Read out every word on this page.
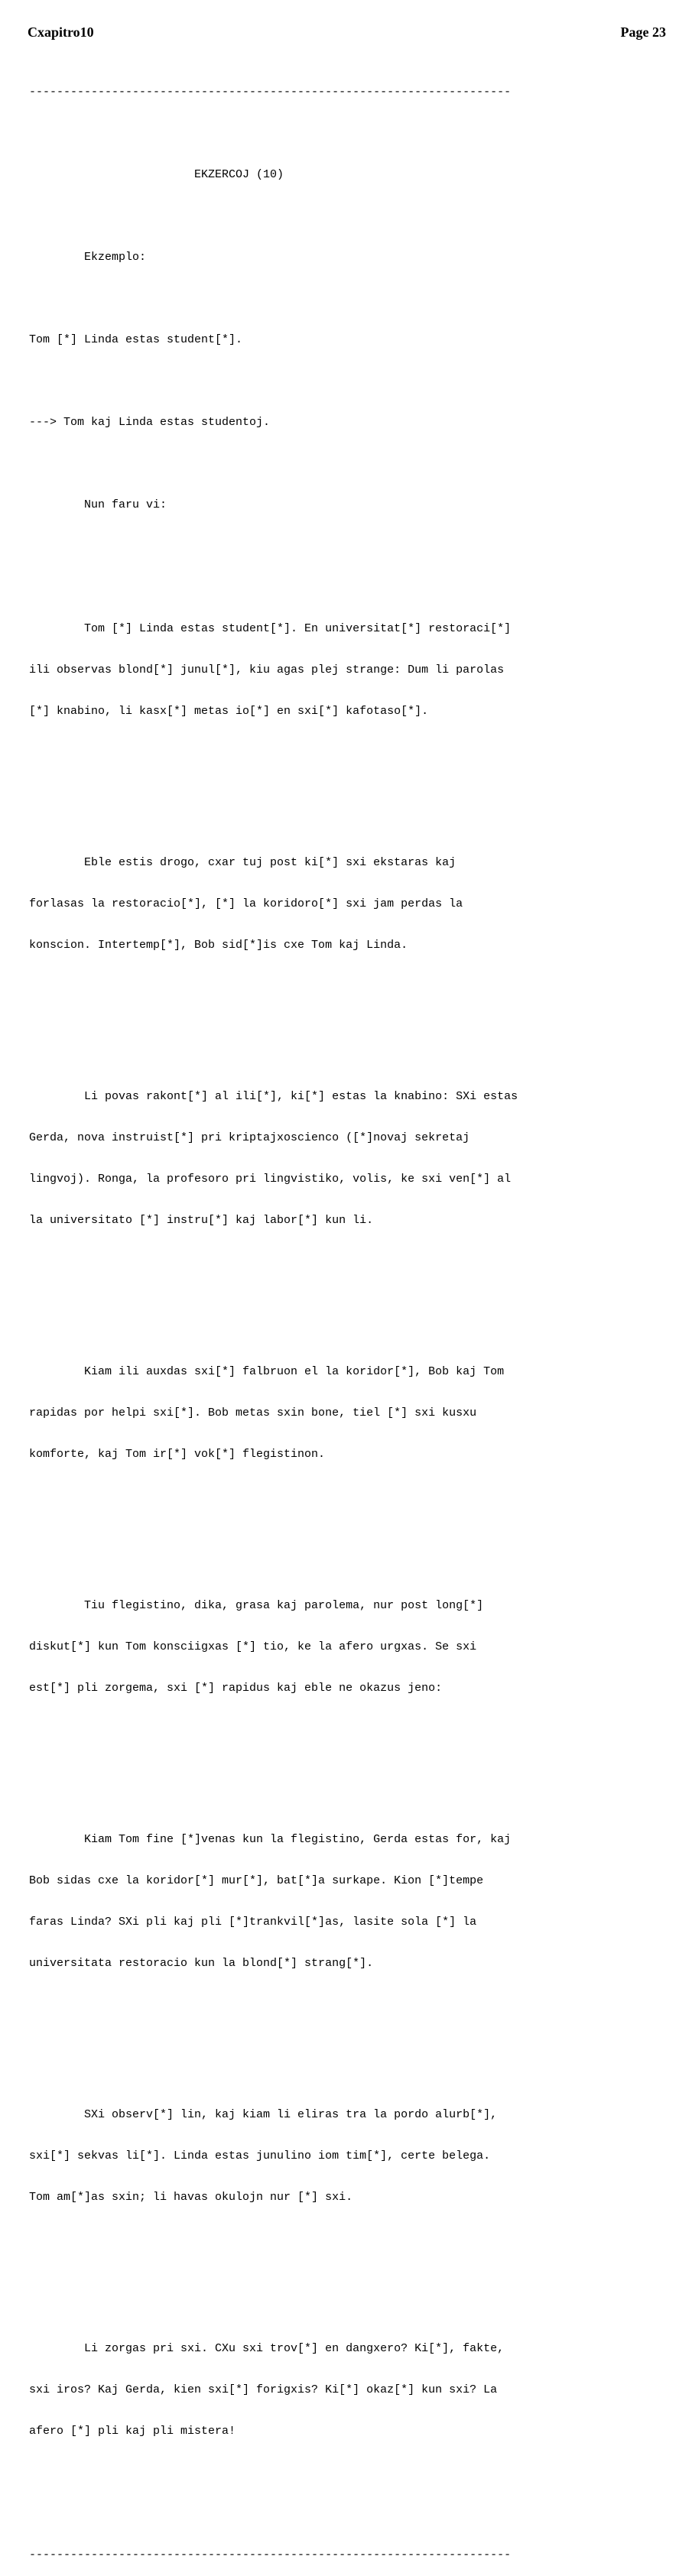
Cxapitro10	Page 23

----------------------------------------------------------------------

EKZERCOJ (10)

Ekzemplo:

Tom [*] Linda estas student[*].

---> Tom kaj Linda estas studentoj.

Nun faru vi:

Tom [*] Linda estas student[*]. En universitat[*] restoraci[*]

ili observas blond[*] junul[*], kiu agas plej strange: Dum li parolas

[*] knabino, li kasx[*] metas io[*] en sxi[*] kafotaso[*].

Eble estis drogo, cxar tuj post ki[*] sxi ekstaras kaj

forlasas la restoracio[*], [*] la koridoro[*] sxi jam perdas la

konscion. Intertemp[*], Bob sid[*]is cxe Tom kaj Linda.

Li povas rakont[*] al ili[*], ki[*] estas la knabino: SXi estas

Gerda, nova instruist[*] pri kriptajxoscienco ([*]novaj sekretaj

lingvoj). Ronga, la profesoro pri lingvistiko, volis, ke sxi ven[*] al

la universitato [*] instru[*] kaj labor[*] kun li.

Kiam ili auxdas sxi[*] falbruon el la koridor[*], Bob kaj Tom

rapidas por helpi sxi[*]. Bob metas sxin bone, tiel [*] sxi kusxu

komforte, kaj Tom ir[*] vok[*] flegistinon.

Tiu flegistino, dika, grasa kaj parolema, nur post long[*]

diskut[*] kun Tom konsciigxas [*] tio, ke la afero urgxas. Se sxi

est[*] pli zorgema, sxi [*] rapidus kaj eble ne okazus jeno:

Kiam Tom fine [*]venas kun la flegistino, Gerda estas for, kaj

Bob sidas cxe la koridor[*] mur[*], bat[*]a surkape. Kion [*]tempe

faras Linda? SXi pli kaj pli [*]trankvil[*]as, lasite sola [*] la

universitata restoracio kun la blond[*] strang[*].

SXi observ[*] lin, kaj kiam li eliras tra la pordo alurb[*],

sxi[*] sekvas li[*]. Linda estas junulino iom tim[*], certe belega.

Tom am[*]as sxin; li havas okulojn nur [*] sxi.

Li zorgas pri sxi. CXu sxi trov[*] en dangxero? Ki[*], fakte,

sxi iros? Kaj Gerda, kien sxi[*] forigxis? Ki[*] okaz[*] kun sxi? La

afero [*] pli kaj pli mistera!

----------------------------------------------------------------------
